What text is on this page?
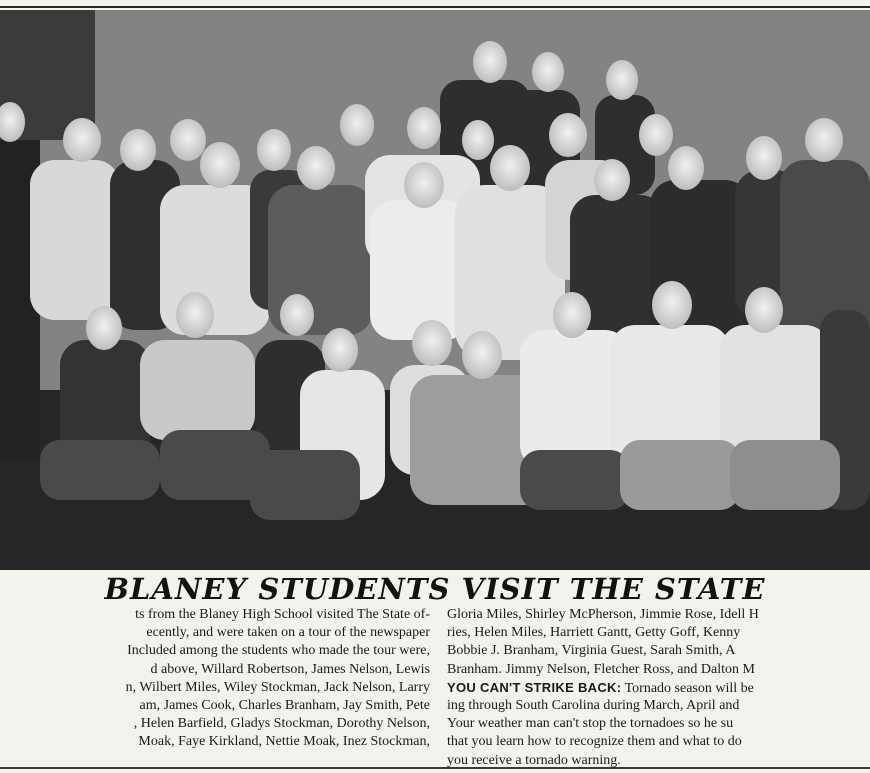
BLANEY STUDENTS VISIT THE STATE
ts from the Blaney High School visited The State of-
ecently, and were taken on a tour of the newspaper
Included among the students who made the tour were,
d above, Willard Robertson, James Nelson, Lewis
n, Wilbert Miles, Wiley Stockman, Jack Nelson, Larry
am, James Cook, Charles Branham, Jay Smith, Pete
, Helen Barfield, Gladys Stockman, Dorothy Nelson,
Moak, Faye Kirkland, Nettie Moak, Inez Stockman,
Gloria Miles, Shirley McPherson, Jimmie Rose, Idell H
ries, Helen Miles, Harriett Gantt, Getty Goff, Kenny
Bobbie J. Branham, Virginia Guest, Sarah Smith, A
Branham. Jimmy Nelson, Fletcher Ross, and Dalton M
YOU CAN'T STRIKE BACK: Tornado season will be
ing through South Carolina during March, April and
Your weather man can't stop the tornadoes so he su
that you learn how to recognize them and what to do
you receive a tornado warning.
